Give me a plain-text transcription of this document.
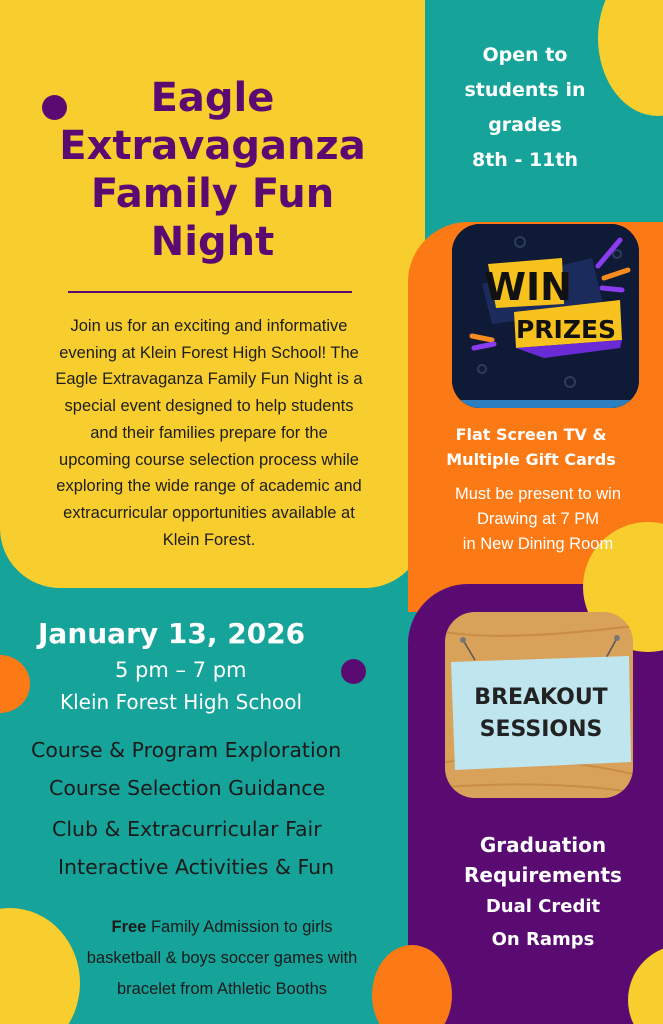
Eagle
Extravaganza
Family Fun
Night
Join us for an exciting and informative
evening at Klein Forest High School! The
Eagle Extravaganza Family Fun Night is a
special event designed to help students
and their families prepare for the
upcoming course selection process while
exploring the wide range of academic and
extracurricular opportunities available at
Klein Forest.
January 13, 2026
5 pm – 7 pm
Klein Forest High School
Course & Program Exploration
Course Selection Guidance
Club & Extracurricular Fair
Interactive Activities & Fun
Free Family Admission to girls
basketball & boys soccer games with
bracelet from Athletic Booths
Open to
students in
grades
8th - 11th
WIN
PRIZES
Flat Screen TV &
Multiple Gift Cards
Must be present to win
Drawing at 7 PM
in New Dining Room
BREAKOUT
SESSIONS
Graduation
Requirements
Dual Credit
On Ramps
